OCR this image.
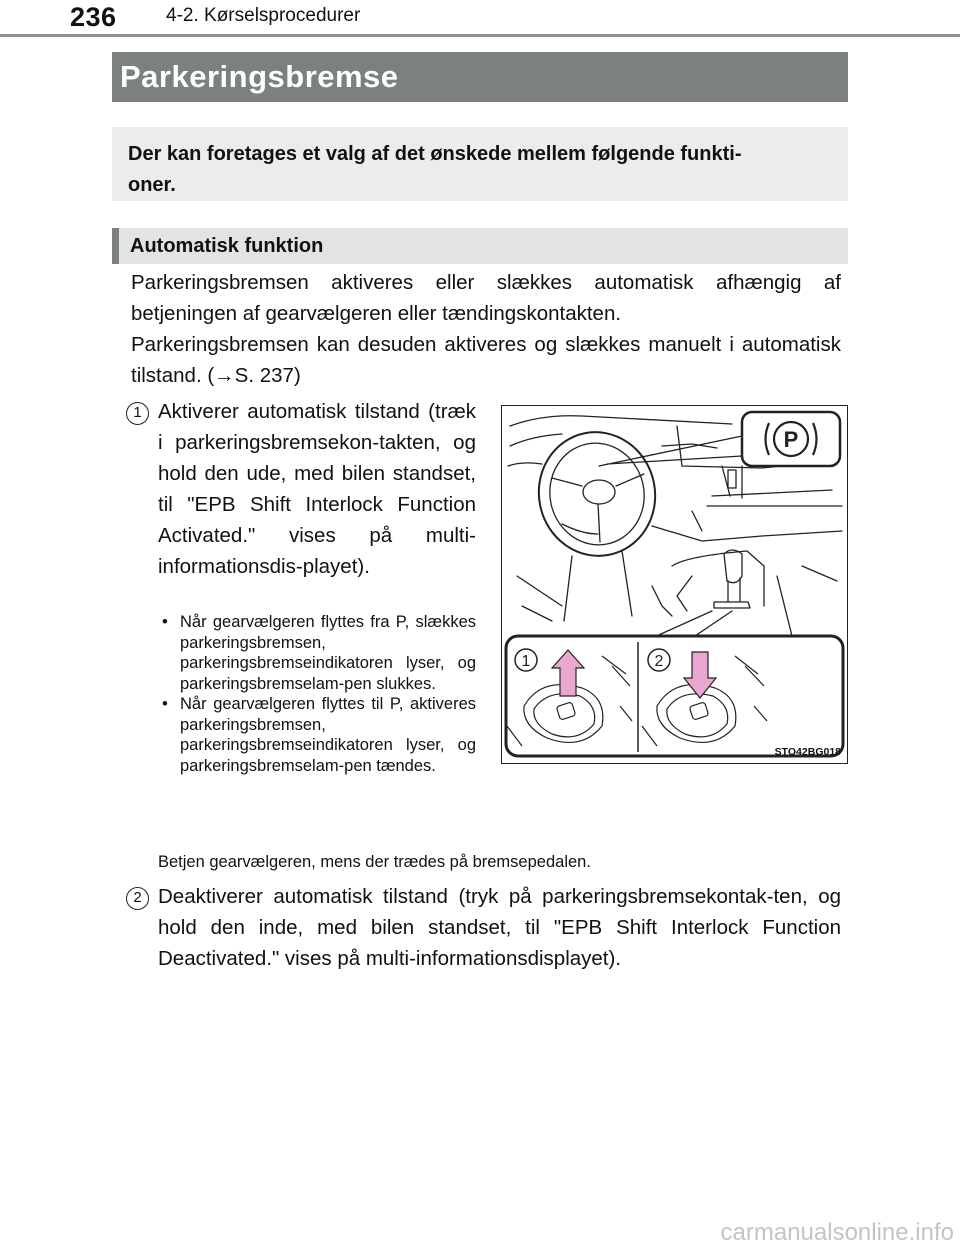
236	4-2. Kørselsprocedurer
Parkeringsbremse
Der kan foretages et valg af det ønskede mellem følgende funkti-
oner.
Automatisk funktion
Parkeringsbremsen aktiveres eller slækkes automatisk afhængig af betjeningen af gearvælgeren eller tændingskontakten.
Parkeringsbremsen kan desuden aktiveres og slækkes manuelt i automatisk tilstand. (→S. 237)
1 Aktiverer automatisk tilstand (træk i parkeringsbremsekon-takten, og hold den ude, med bilen standset, til "EPB Shift Interlock Function Activated." vises på multi-informationsdis-playet).
• Når gearvælgeren flyttes fra P, slækkes parkeringsbremsen, parkeringsbremseindikatoren lyser, og parkeringsbremselam-pen slukkes.
• Når gearvælgeren flyttes til P, aktiveres parkeringsbremsen, parkeringsbremseindikatoren lyser, og parkeringsbremselam-pen tændes.
Betjen gearvælgeren, mens der trædes på bremsepedalen.
2 Deaktiverer automatisk tilstand (tryk på parkeringsbremsekontak-ten, og hold den inde, med bilen standset, til "EPB Shift Interlock Function Deactivated." vises på multi-informationsdisplayet).
P
1	2
STO42BG018
carmanualsonline.info
